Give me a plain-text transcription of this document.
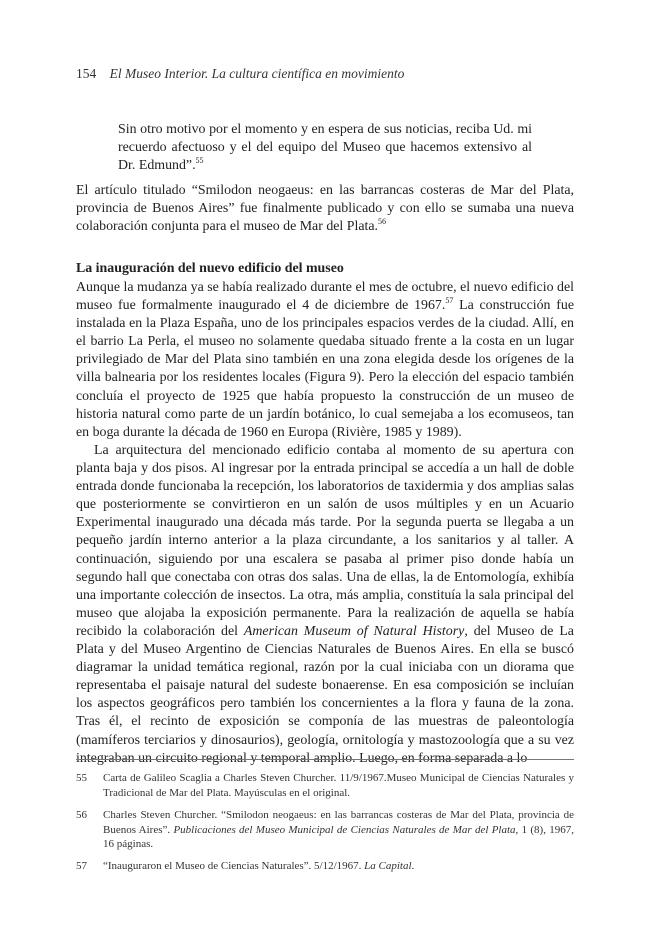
154 El Museo Interior. La cultura científica en movimiento
Sin otro motivo por el momento y en espera de sus noticias, reciba Ud. mi recuerdo afectuoso y el del equipo del Museo que hacemos extensivo al Dr. Edmund”.$^{55}$
El artículo titulado “Smilodon neogaeus: en las barrancas costeras de Mar del Plata, provincia de Buenos Aires” fue finalmente publicado y con ello se sumaba una nueva colaboración conjunta para el museo de Mar del Plata.$^{56}$
La inauguración del nuevo edificio del museo
Aunque la mudanza ya se había realizado durante el mes de octubre, el nuevo edificio del museo fue formalmente inaugurado el 4 de diciembre de 1967.57 La construcción fue instalada en la Plaza España, uno de los principales espacios verdes de la ciudad. Allí, en el barrio La Perla, el museo no solamente quedaba situado frente a la costa en un lugar privilegiado de Mar del Plata sino también en una zona elegida desde los orígenes de la villa balnearia por los residentes locales (Figura 9). Pero la elección del espacio también concluía el proyecto de 1925 que había propuesto la construcción de un museo de historia natural como parte de un jardín botánico, lo cual semejaba a los ecomuseos, tan en boga durante la década de 1960 en Europa (Rivière, 1985 y 1989).
La arquitectura del mencionado edificio contaba al momento de su apertura con planta baja y dos pisos. Al ingresar por la entrada principal se accedía a un hall de doble entrada donde funcionaba la recepción, los laboratorios de taxidermia y dos amplias salas que posteriormente se convirtieron en un salón de usos múltiples y en un Acuario Experimental inaugurado una década más tarde. Por la segunda puerta se llegaba a un pequeño jardín interno anterior a la plaza circundante, a los sanitarios y al taller. A continuación, siguiendo por una escalera se pasaba al primer piso donde había un segundo hall que conectaba con otras dos salas. Una de ellas, la de Entomología, exhibía una importante colección de insectos. La otra, más amplia, constituía la sala principal del museo que alojaba la exposición permanente. Para la realización de aquella se había recibido la colaboración del American Museum of Natural History, del Museo de La Plata y del Museo Argentino de Ciencias Naturales de Buenos Aires. En ella se buscó diagramar la unidad temática regional, razón por la cual iniciaba con un diorama que representaba el paisaje natural del sudeste bonaerense. En esa composición se incluían los aspectos geográficos pero también los concernientes a la flora y fauna de la zona. Tras él, el recinto de exposición se componía de las muestras de paleontología (mamíferos terciarios y dinosaurios), geología, ornitología y mastozoología que a su vez integraban un circuito regional y temporal amplio. Luego, en forma separada a lo
55 Carta de Galileo Scaglia a Charles Steven Churcher. 11/9/1967.Museo Municipal de Ciencias Naturales y Tradicional de Mar del Plata. Mayúsculas en el original.
56 Charles Steven Churcher. “Smilodon neogaeus: en las barrancas costeras de Mar del Plata, provincia de Buenos Aires”. Publicaciones del Museo Municipal de Ciencias Naturales de Mar del Plata, 1 (8), 1967, 16 páginas.
57 “Inauguraron el Museo de Ciencias Naturales”. 5/12/1967. La Capital.
